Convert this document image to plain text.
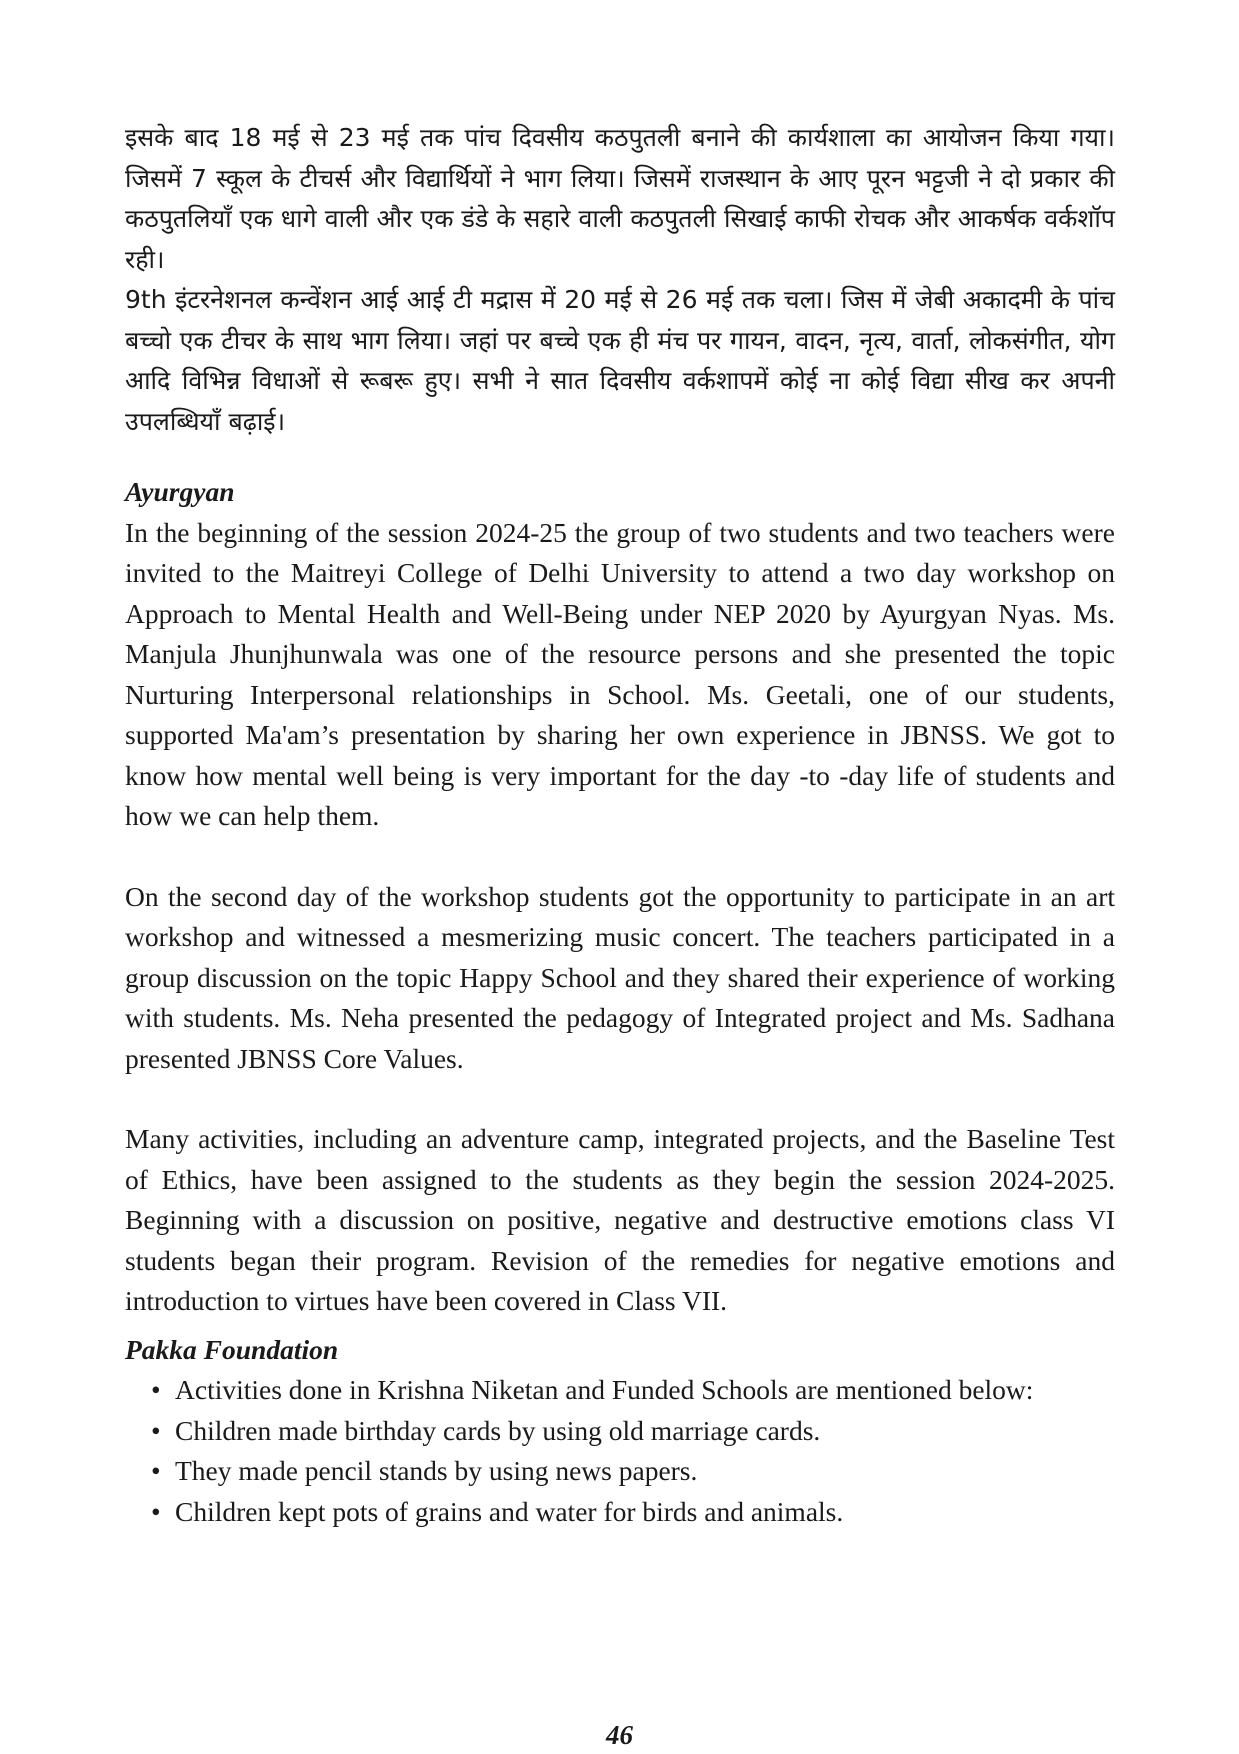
इसके बाद 18 मई से 23 मई तक पांच दिवसीय कठपुतली बनाने की कार्यशाला का आयोजन किया गया। जिसमें 7 स्कूल के टीचर्स और विद्यार्थियों ने भाग लिया। जिसमें राजस्थान के आए पूरन भट्टजी ने दो प्रकार की कठपुतलियाँ एक धागे वाली और एक डंडे के सहारे वाली कठपुतली सिखाई काफी रोचक और आकर्षक वर्कशॉप रही।

9th इंटरनेशनल कन्वेंशन आई आई टी मद्रास में 20 मई से 26 मई तक चला। जिस में जेबी अकादमी के पांच बच्चो एक टीचर के साथ भाग लिया। जहां पर बच्चे एक ही मंच पर गायन, वादन, नृत्य, वार्ता, लोकसंगीत, योग आदि विभिन्न विधाओं से रूबरू हुए। सभी ने सात दिवसीय वर्कशापमें कोई ना कोई विद्या सीख कर अपनी उपलब्धियाँ बढ़ाई।

Ayurgyan

In the beginning of the session 2024-25 the group of two students and two teachers were invited to the Maitreyi College of Delhi University to attend a two day workshop on Approach to Mental Health and Well-Being under NEP 2020 by Ayurgyan Nyas. Ms. Manjula Jhunjhunwala was one of the resource persons and she presented the topic Nurturing Interpersonal relationships in School. Ms. Geetali, one of our students, supported Ma'am’s presentation by sharing her own experience in JBNSS. We got to know how mental well being is very important for the day -to -day life of students and how we can help them.

On the second day of the workshop students got the opportunity to participate in an art workshop and witnessed a mesmerizing music concert. The teachers participated in a group discussion on the topic Happy School and they shared their experience of working with students. Ms. Neha presented the pedagogy of Integrated project and Ms. Sadhana presented JBNSS Core Values.

Many activities, including an adventure camp, integrated projects, and the Baseline Test of Ethics, have been assigned to the students as they begin the session 2024-2025. Beginning with a discussion on positive, negative and destructive emotions class VI students began their program. Revision of the remedies for negative emotions and introduction to virtues have been covered in Class VII.

Pakka Foundation

• Activities done in Krishna Niketan and Funded Schools are mentioned below:
• Children made birthday cards by using old marriage cards.
• They made pencil stands by using news papers.
• Children kept pots of grains and water for birds and animals.
46
